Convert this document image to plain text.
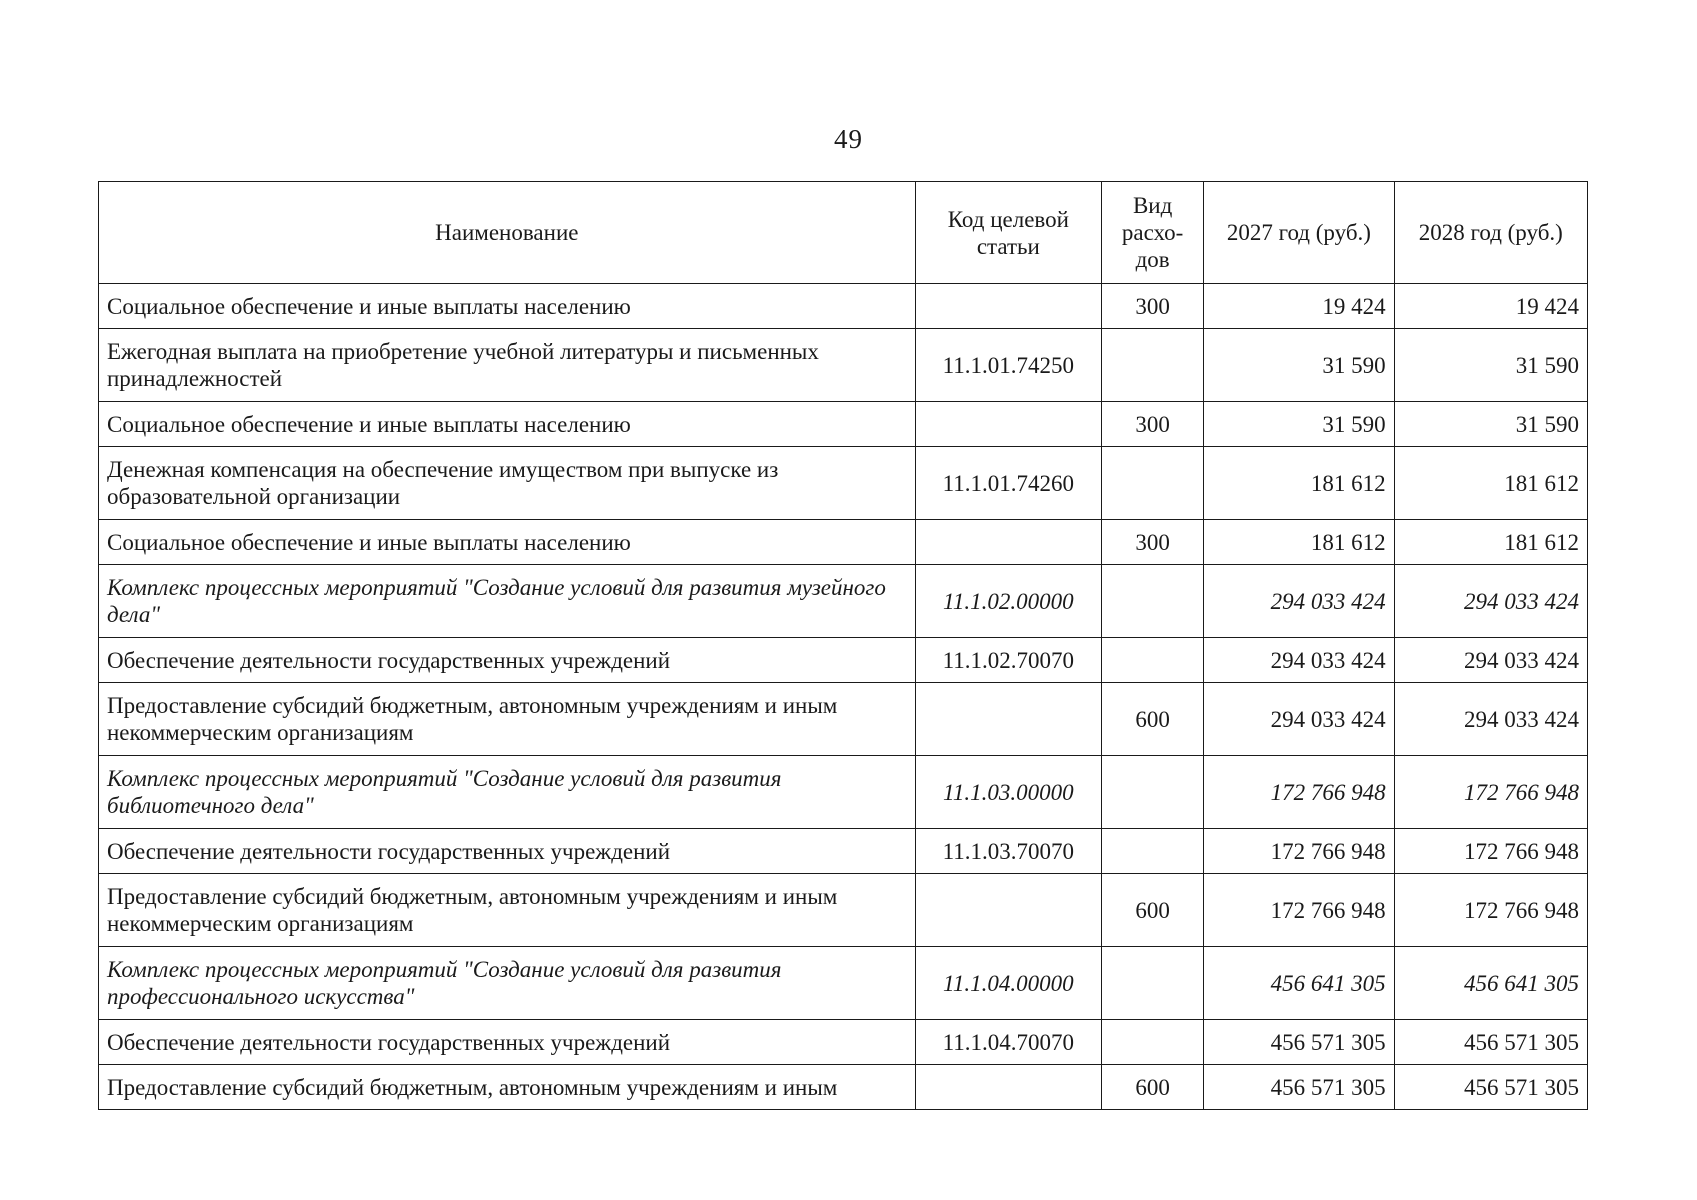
49
Наименование	Код целевой статьи	Вид расхо-дов	2027 год (руб.)	2028 год (руб.)
Социальное обеспечение и иные выплаты населению		300	19 424	19 424
Ежегодная выплата на приобретение учебной литературы и письменных принадлежностей	11.1.01.74250		31 590	31 590
Социальное обеспечение и иные выплаты населению		300	31 590	31 590
Денежная компенсация на обеспечение имуществом при выпуске из образовательной организации	11.1.01.74260		181 612	181 612
Социальное обеспечение и иные выплаты населению		300	181 612	181 612
Комплекс процессных мероприятий "Создание условий для развития музейного дела"	11.1.02.00000		294 033 424	294 033 424
Обеспечение деятельности государственных учреждений	11.1.02.70070		294 033 424	294 033 424
Предоставление субсидий бюджетным, автономным учреждениям и иным некоммерческим организациям		600	294 033 424	294 033 424
Комплекс процессных мероприятий "Создание условий для развития библиотечного дела"	11.1.03.00000		172 766 948	172 766 948
Обеспечение деятельности государственных учреждений	11.1.03.70070		172 766 948	172 766 948
Предоставление субсидий бюджетным, автономным учреждениям и иным некоммерческим организациям		600	172 766 948	172 766 948
Комплекс процессных мероприятий "Создание условий для развития профессионального искусства"	11.1.04.00000		456 641 305	456 641 305
Обеспечение деятельности государственных учреждений	11.1.04.70070		456 571 305	456 571 305
Предоставление субсидий бюджетным, автономным учреждениям и иным		600	456 571 305	456 571 305
